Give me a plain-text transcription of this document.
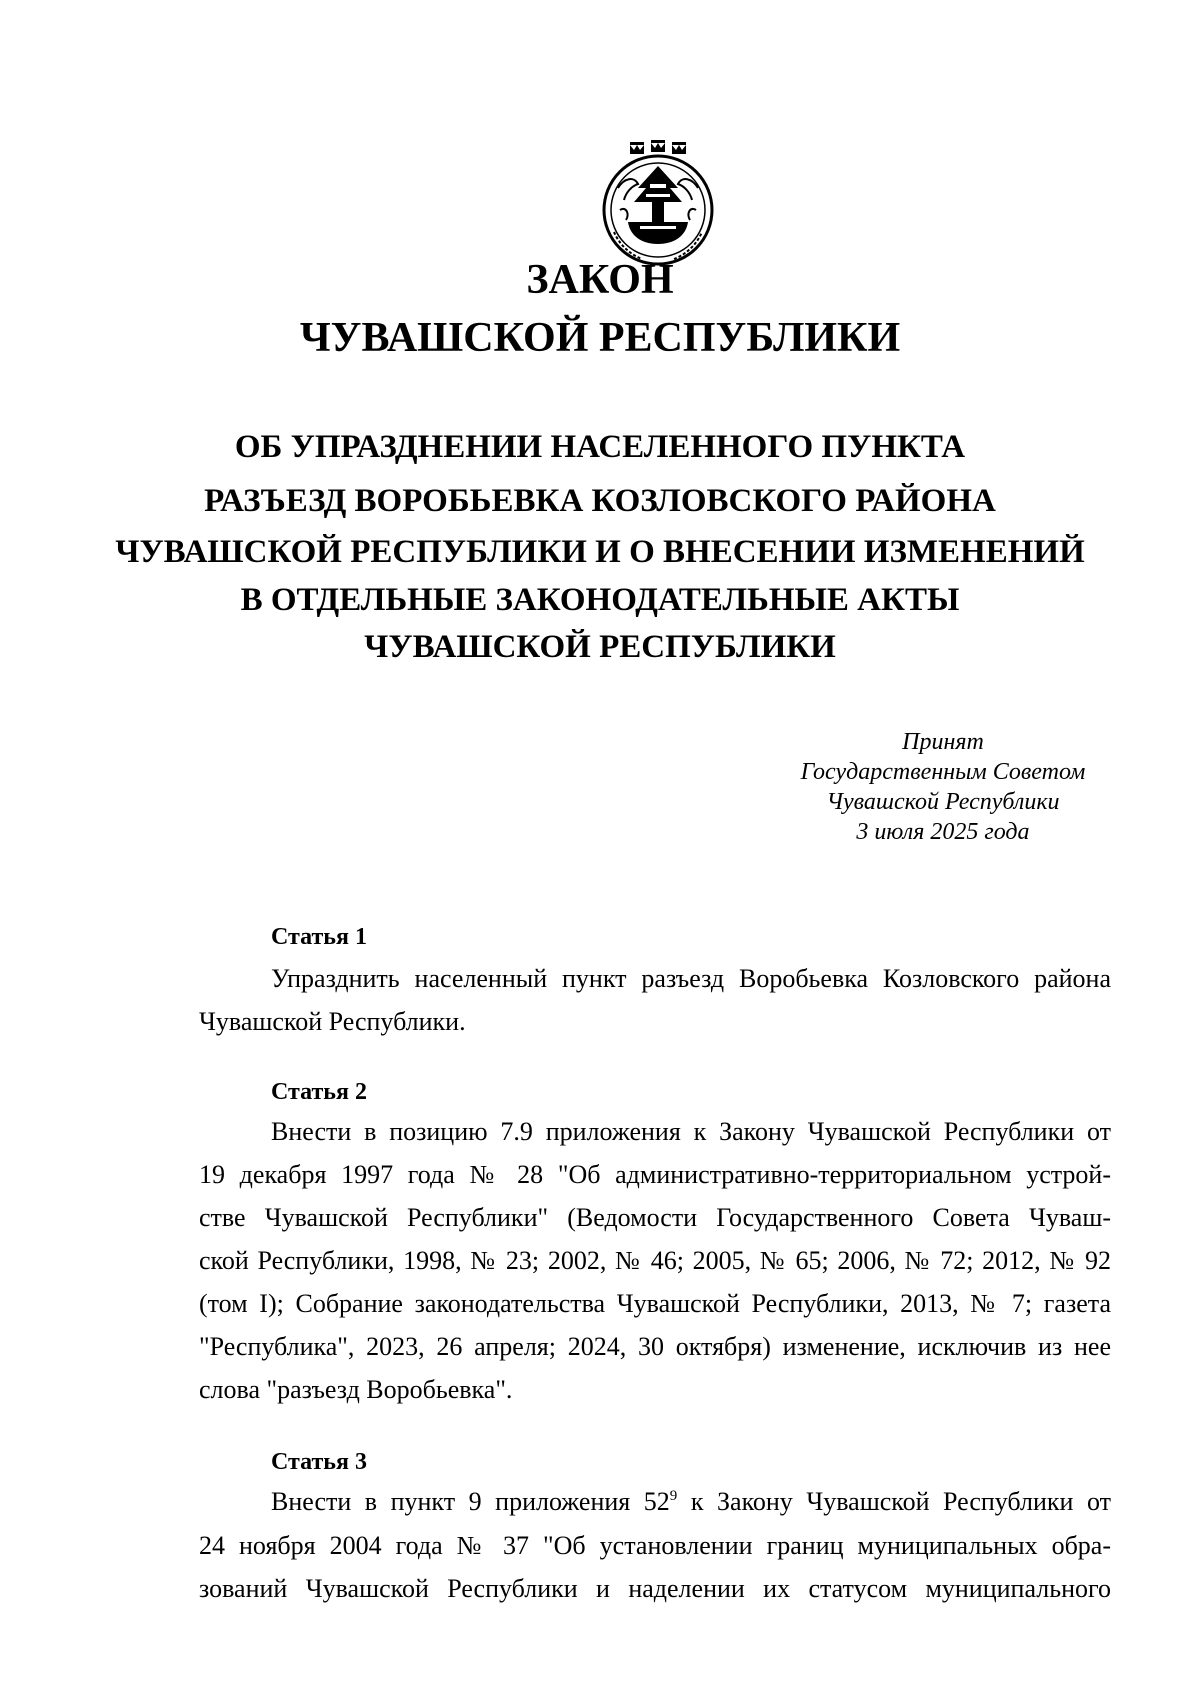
ЗАКОН
ЧУВАШСКОЙ РЕСПУБЛИКИ
ОБ УПРАЗДНЕНИИ НАСЕЛЕННОГО ПУНКТА
РАЗЪЕЗД ВОРОБЬЕВКА КОЗЛОВСКОГО РАЙОНА
ЧУВАШСКОЙ РЕСПУБЛИКИ И О ВНЕСЕНИИ ИЗМЕНЕНИЙ
В ОТДЕЛЬНЫЕ ЗАКОНОДАТЕЛЬНЫЕ АКТЫ
ЧУВАШСКОЙ РЕСПУБЛИКИ
Принят
Государственным Советом
Чувашской Республики
3 июля 2025 года
Статья 1
Упразднить населенный пункт разъезд Воробьевка Козловского района
Чувашской Республики.
Статья 2
Внести в позицию 7.9 приложения к Закону Чувашской Республики от
19 декабря 1997 года № 28 "Об административно-территориальном устрой-
стве Чувашской Республики" (Ведомости Государственного Совета Чуваш-
ской Республики, 1998, № 23; 2002, № 46; 2005, № 65; 2006, № 72; 2012, № 92
(том I); Собрание законодательства Чувашской Республики, 2013, № 7; газета
"Республика", 2023, 26 апреля; 2024, 30 октября) изменение, исключив из нее
слова "разъезд Воробьевка".
Статья 3
Внести в пункт 9 приложения $52^9$ к Закону Чувашской Республики от
24 ноября 2004 года № 37 "Об установлении границ муниципальных обра-
зований Чувашской Республики и наделении их статусом муниципального
